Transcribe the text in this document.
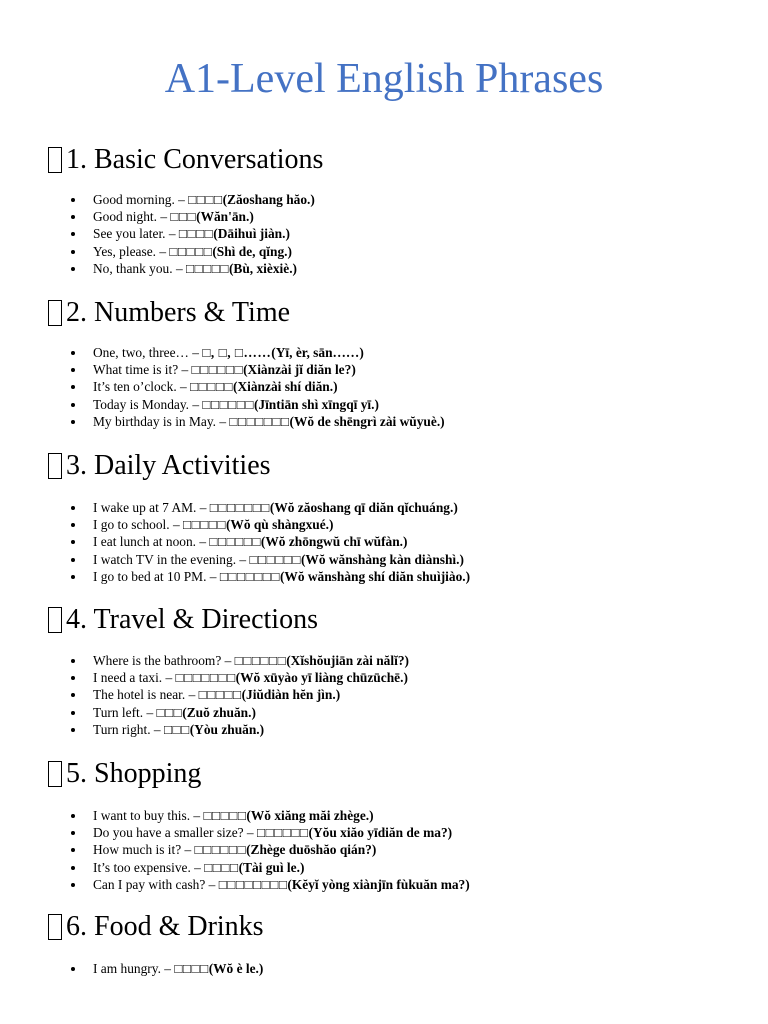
A1-Level English Phrases
1. Basic Conversations
Good morning. – □□□□(Zăoshang hăo.)
Good night. – □□□(Wăn'ān.)
See you later. – □□□□(Dāihuì jiàn.)
Yes, please. – □□□□□(Shì de, qĭng.)
No, thank you. – □□□□□(Bù, xièxiè.)
2. Numbers & Time
One, two, three… – □, □, □……(Yī, èr, sān……)
What time is it? – □□□□□□(Xiànzài jĭ diăn le?)
It’s ten o’clock. – □□□□□(Xiànzài shí diăn.)
Today is Monday. – □□□□□□(Jīntiān shì xīngqī yī.)
My birthday is in May. – □□□□□□□(Wŏ de shēngrì zài wŭyuè.)
3. Daily Activities
I wake up at 7 AM. – □□□□□□□(Wŏ zăoshang qī diăn qĭchuáng.)
I go to school. – □□□□□(Wŏ qù shàngxué.)
I eat lunch at noon. – □□□□□□(Wŏ zhōngwŭ chī wŭfàn.)
I watch TV in the evening. – □□□□□□(Wŏ wănshàng kàn diànshì.)
I go to bed at 10 PM. – □□□□□□□(Wŏ wănshàng shí diăn shuìjiào.)
4. Travel & Directions
Where is the bathroom? – □□□□□□(Xĭshŏujiān zài nălĭ?)
I need a taxi. – □□□□□□□(Wŏ xūyào yī liàng chūzūchē.)
The hotel is near. – □□□□□(Jiŭdiàn hĕn jìn.)
Turn left. – □□□(Zuŏ zhuăn.)
Turn right. – □□□(Yòu zhuăn.)
5. Shopping
I want to buy this. – □□□□□(Wŏ xiăng măi zhège.)
Do you have a smaller size? – □□□□□□(Yŏu xiăo yīdiăn de ma?)
How much is it? – □□□□□□(Zhège duōshăo qián?)
It’s too expensive. – □□□□(Tài guì le.)
Can I pay with cash? – □□□□□□□□(Kĕyĭ yòng xiànjīn fùkuăn ma?)
6. Food & Drinks
I am hungry. – □□□□(Wŏ è le.)
